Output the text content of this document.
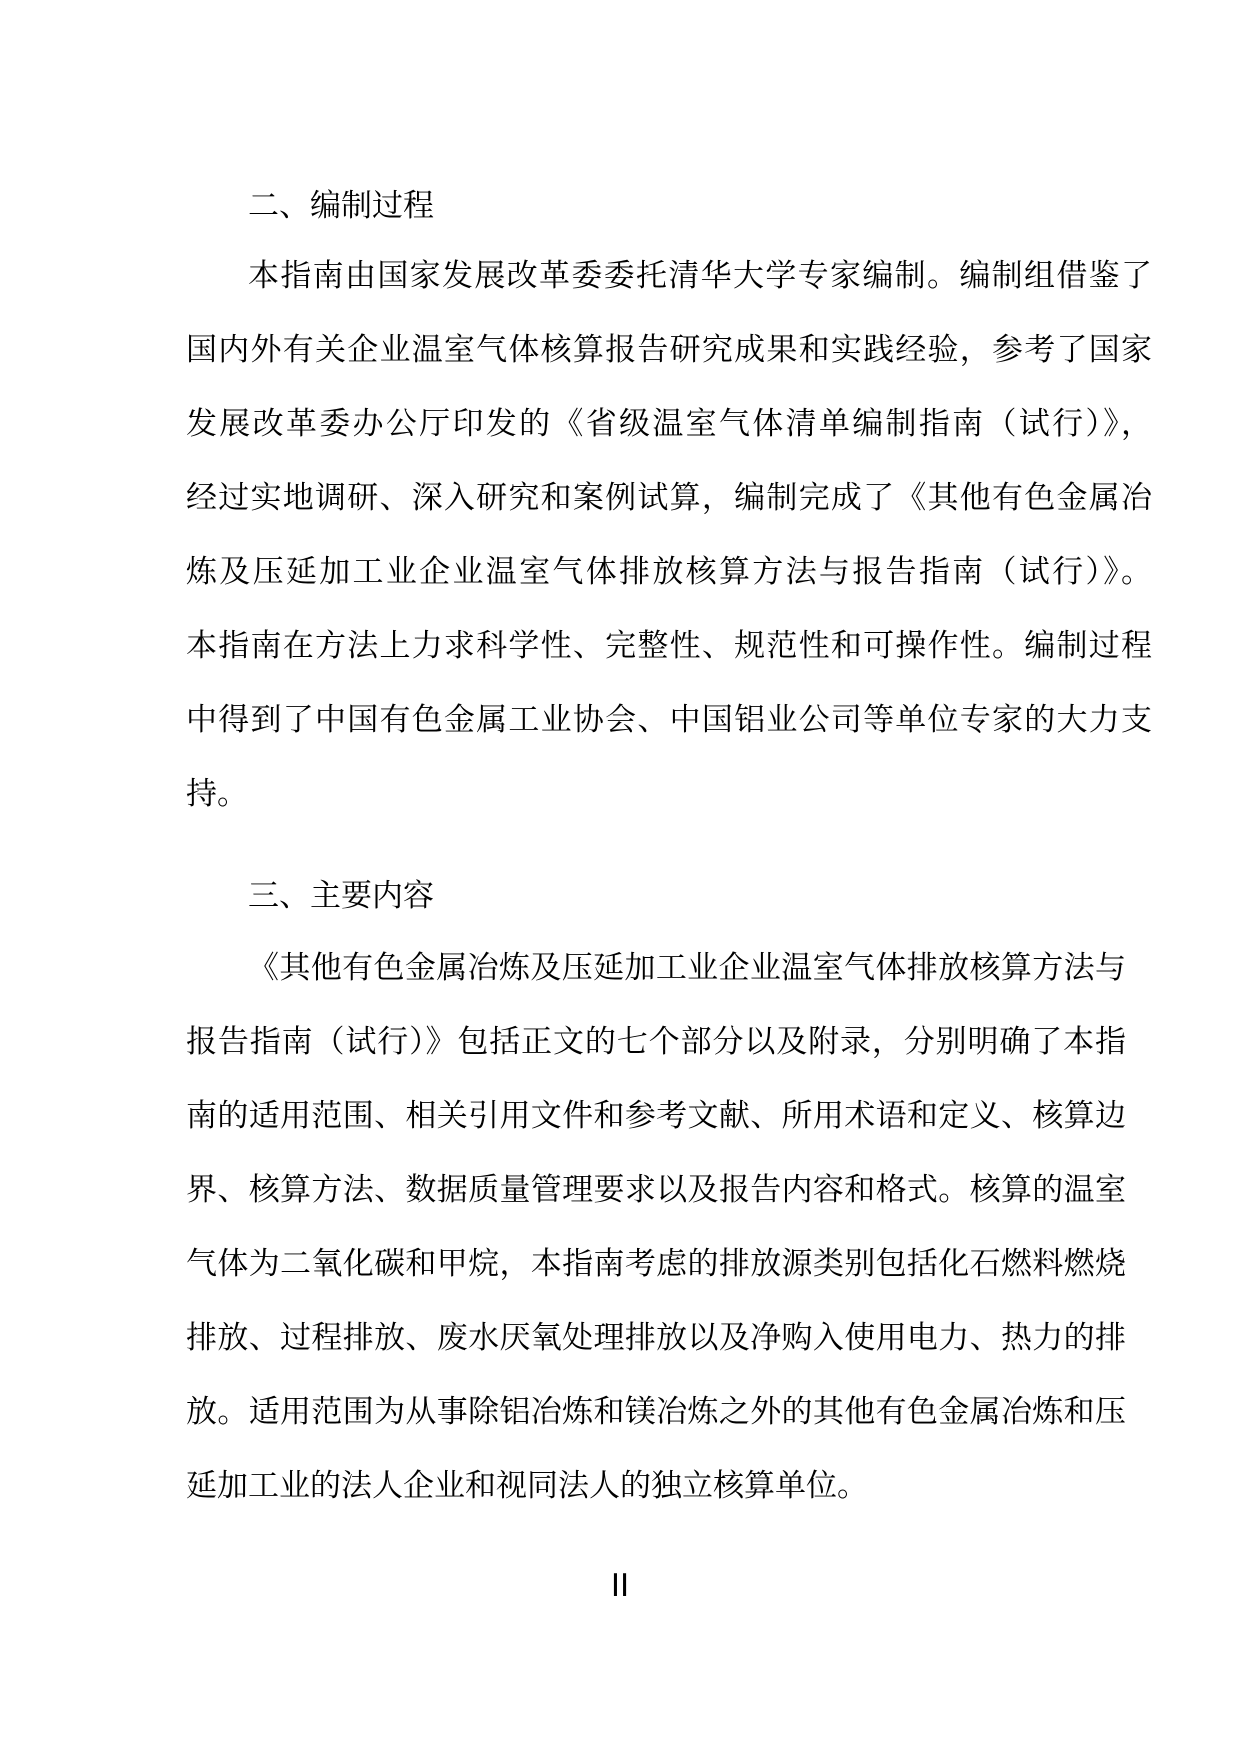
二、编制过程
本指南由国家发展改革委委托清华大学专家编制。编制组借鉴了
国内外有关企业温室气体核算报告研究成果和实践经验，参考了国家
发展改革委办公厅印发的《省级温室气体清单编制指南（试行）》，
经过实地调研、深入研究和案例试算，编制完成了《其他有色金属冶
炼及压延加工业企业温室气体排放核算方法与报告指南（试行）》。
本指南在方法上力求科学性、完整性、规范性和可操作性。编制过程
中得到了中国有色金属工业协会、中国铝业公司等单位专家的大力支
持。
三、主要内容
《其他有色金属冶炼及压延加工业企业温室气体排放核算方法与
报告指南（试行）》包括正文的七个部分以及附录，分别明确了本指
南的适用范围、相关引用文件和参考文献、所用术语和定义、核算边
界、核算方法、数据质量管理要求以及报告内容和格式。核算的温室
气体为二氧化碳和甲烷，本指南考虑的排放源类别包括化石燃料燃烧
排放、过程排放、废水厌氧处理排放以及净购入使用电力、热力的排
放。适用范围为从事除铝冶炼和镁冶炼之外的其他有色金属冶炼和压
延加工业的法人企业和视同法人的独立核算单位。
II
